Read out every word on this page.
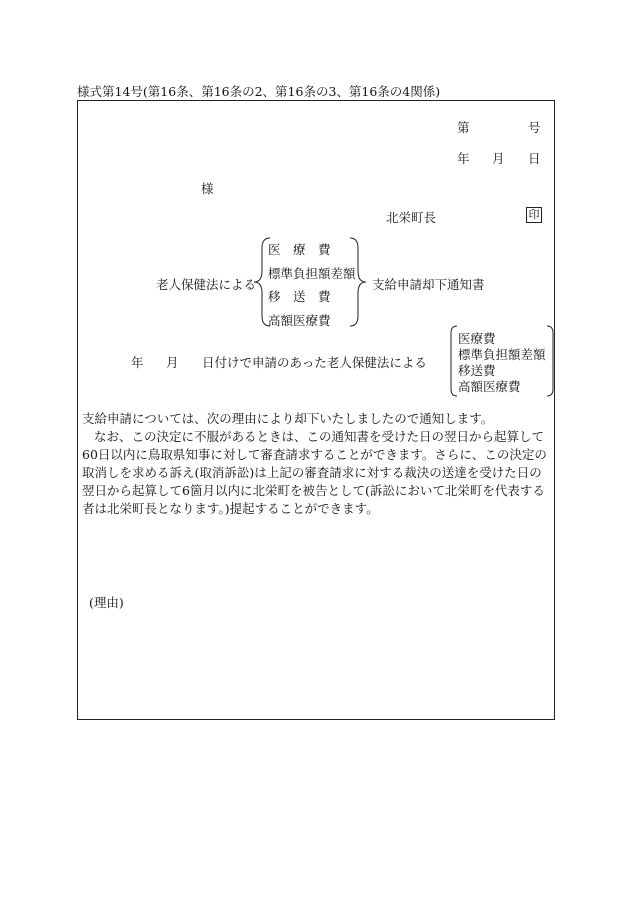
様式第14号(第16条、第16条の2、第16条の3、第16条の4関係)
第	号
年 月 日
様
北栄町長	印
老人保健法による
医　療　費
標準負担額差額
移　送　費
高額医療費
支給申請却下通知書
年 月 日付けで申請のあった老人保健法による
医療費
標準負担額差額
移送費
高額医療費

支給申請については、次の理由により却下いたしましたので通知します。

なお、この決定に不服があるときは、この通知書を受けた日の翌日から起算して60日以内に鳥取県知事に対して審査請求することができます。さらに、この決定の取消しを求める訴え(取消訴訟)は上記の審査請求に対する裁決の送達を受けた日の翌日から起算して6箇月以内に北栄町を被告として(訴訟において北栄町を代表する者は北栄町長となります。)提起することができます。

(理由)
